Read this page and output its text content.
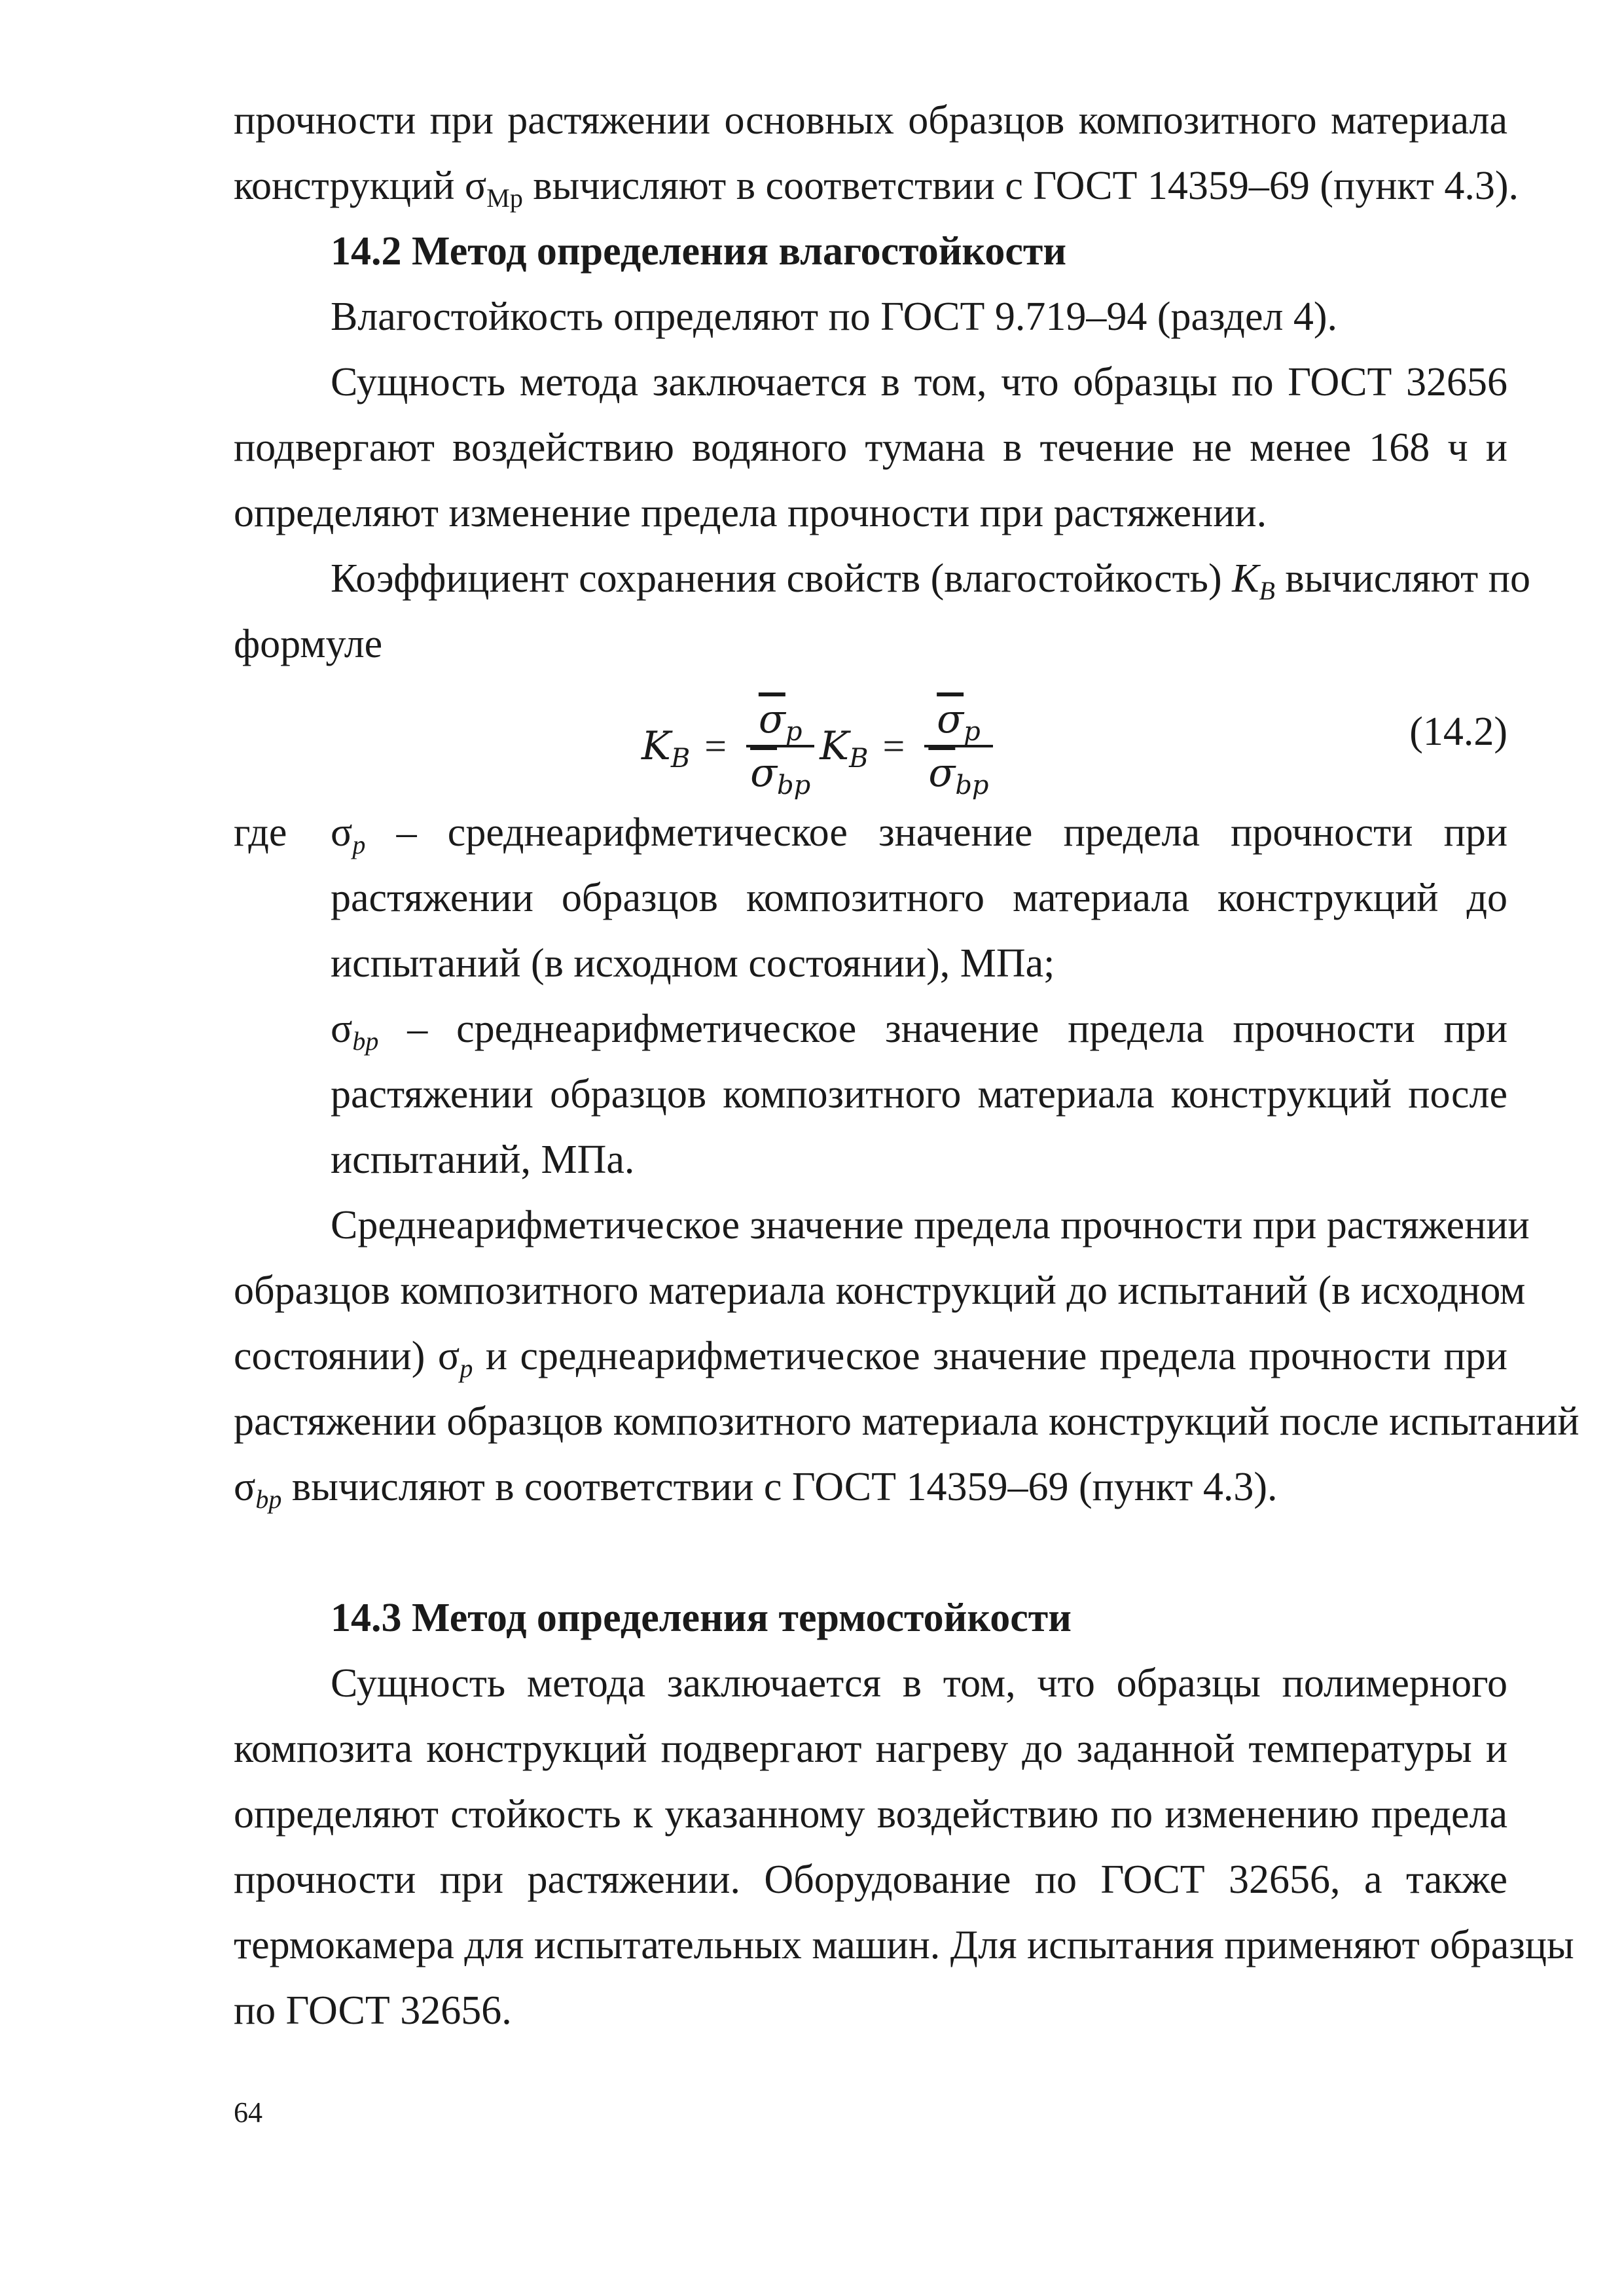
прочности при растяжении основных образцов композитного материала
конструкций σМр вычисляют в соответствии с ГОСТ 14359–69 (пункт 4.3).
14.2 Метод определения влагостойкости
Влагостойкость определяют по ГОСТ 9.719–94 (раздел 4).
Сущность метода заключается в том, что образцы по ГОСТ 32656
подвергают воздействию водяного тумана в течение не менее 168 ч и
определяют изменение предела прочности при растяжении.
Коэффициент сохранения свойств (влагостойкость) KB вычисляют по
формуле
$K_B = \frac{\overline{\sigma}_p}{\overline{\sigma}_{bp}} K_B = \frac{\overline{\sigma}_p}{\overline{\sigma}_{bp}}$	(14.2)
где σp – среднеарифметическое значение предела прочности при
растяжении образцов композитного материала конструкций до
испытаний (в исходном состоянии), МПа;
σbp – среднеарифметическое значение предела прочности при
растяжении образцов композитного материала конструкций после
испытаний, МПа.
Среднеарифметическое значение предела прочности при растяжении
образцов композитного материала конструкций до испытаний (в исходном
состоянии) σp и среднеарифметическое значение предела прочности при
растяжении образцов композитного материала конструкций после испытаний
σbp вычисляют в соответствии с ГОСТ 14359–69 (пункт 4.3).
14.3 Метод определения термостойкости
Сущность метода заключается в том, что образцы полимерного
композита конструкций подвергают нагреву до заданной температуры и
определяют стойкость к указанному воздействию по изменению предела
прочности при растяжении. Оборудование по ГОСТ 32656, а также
термокамера для испытательных машин. Для испытания применяют образцы
по ГОСТ 32656.
64
